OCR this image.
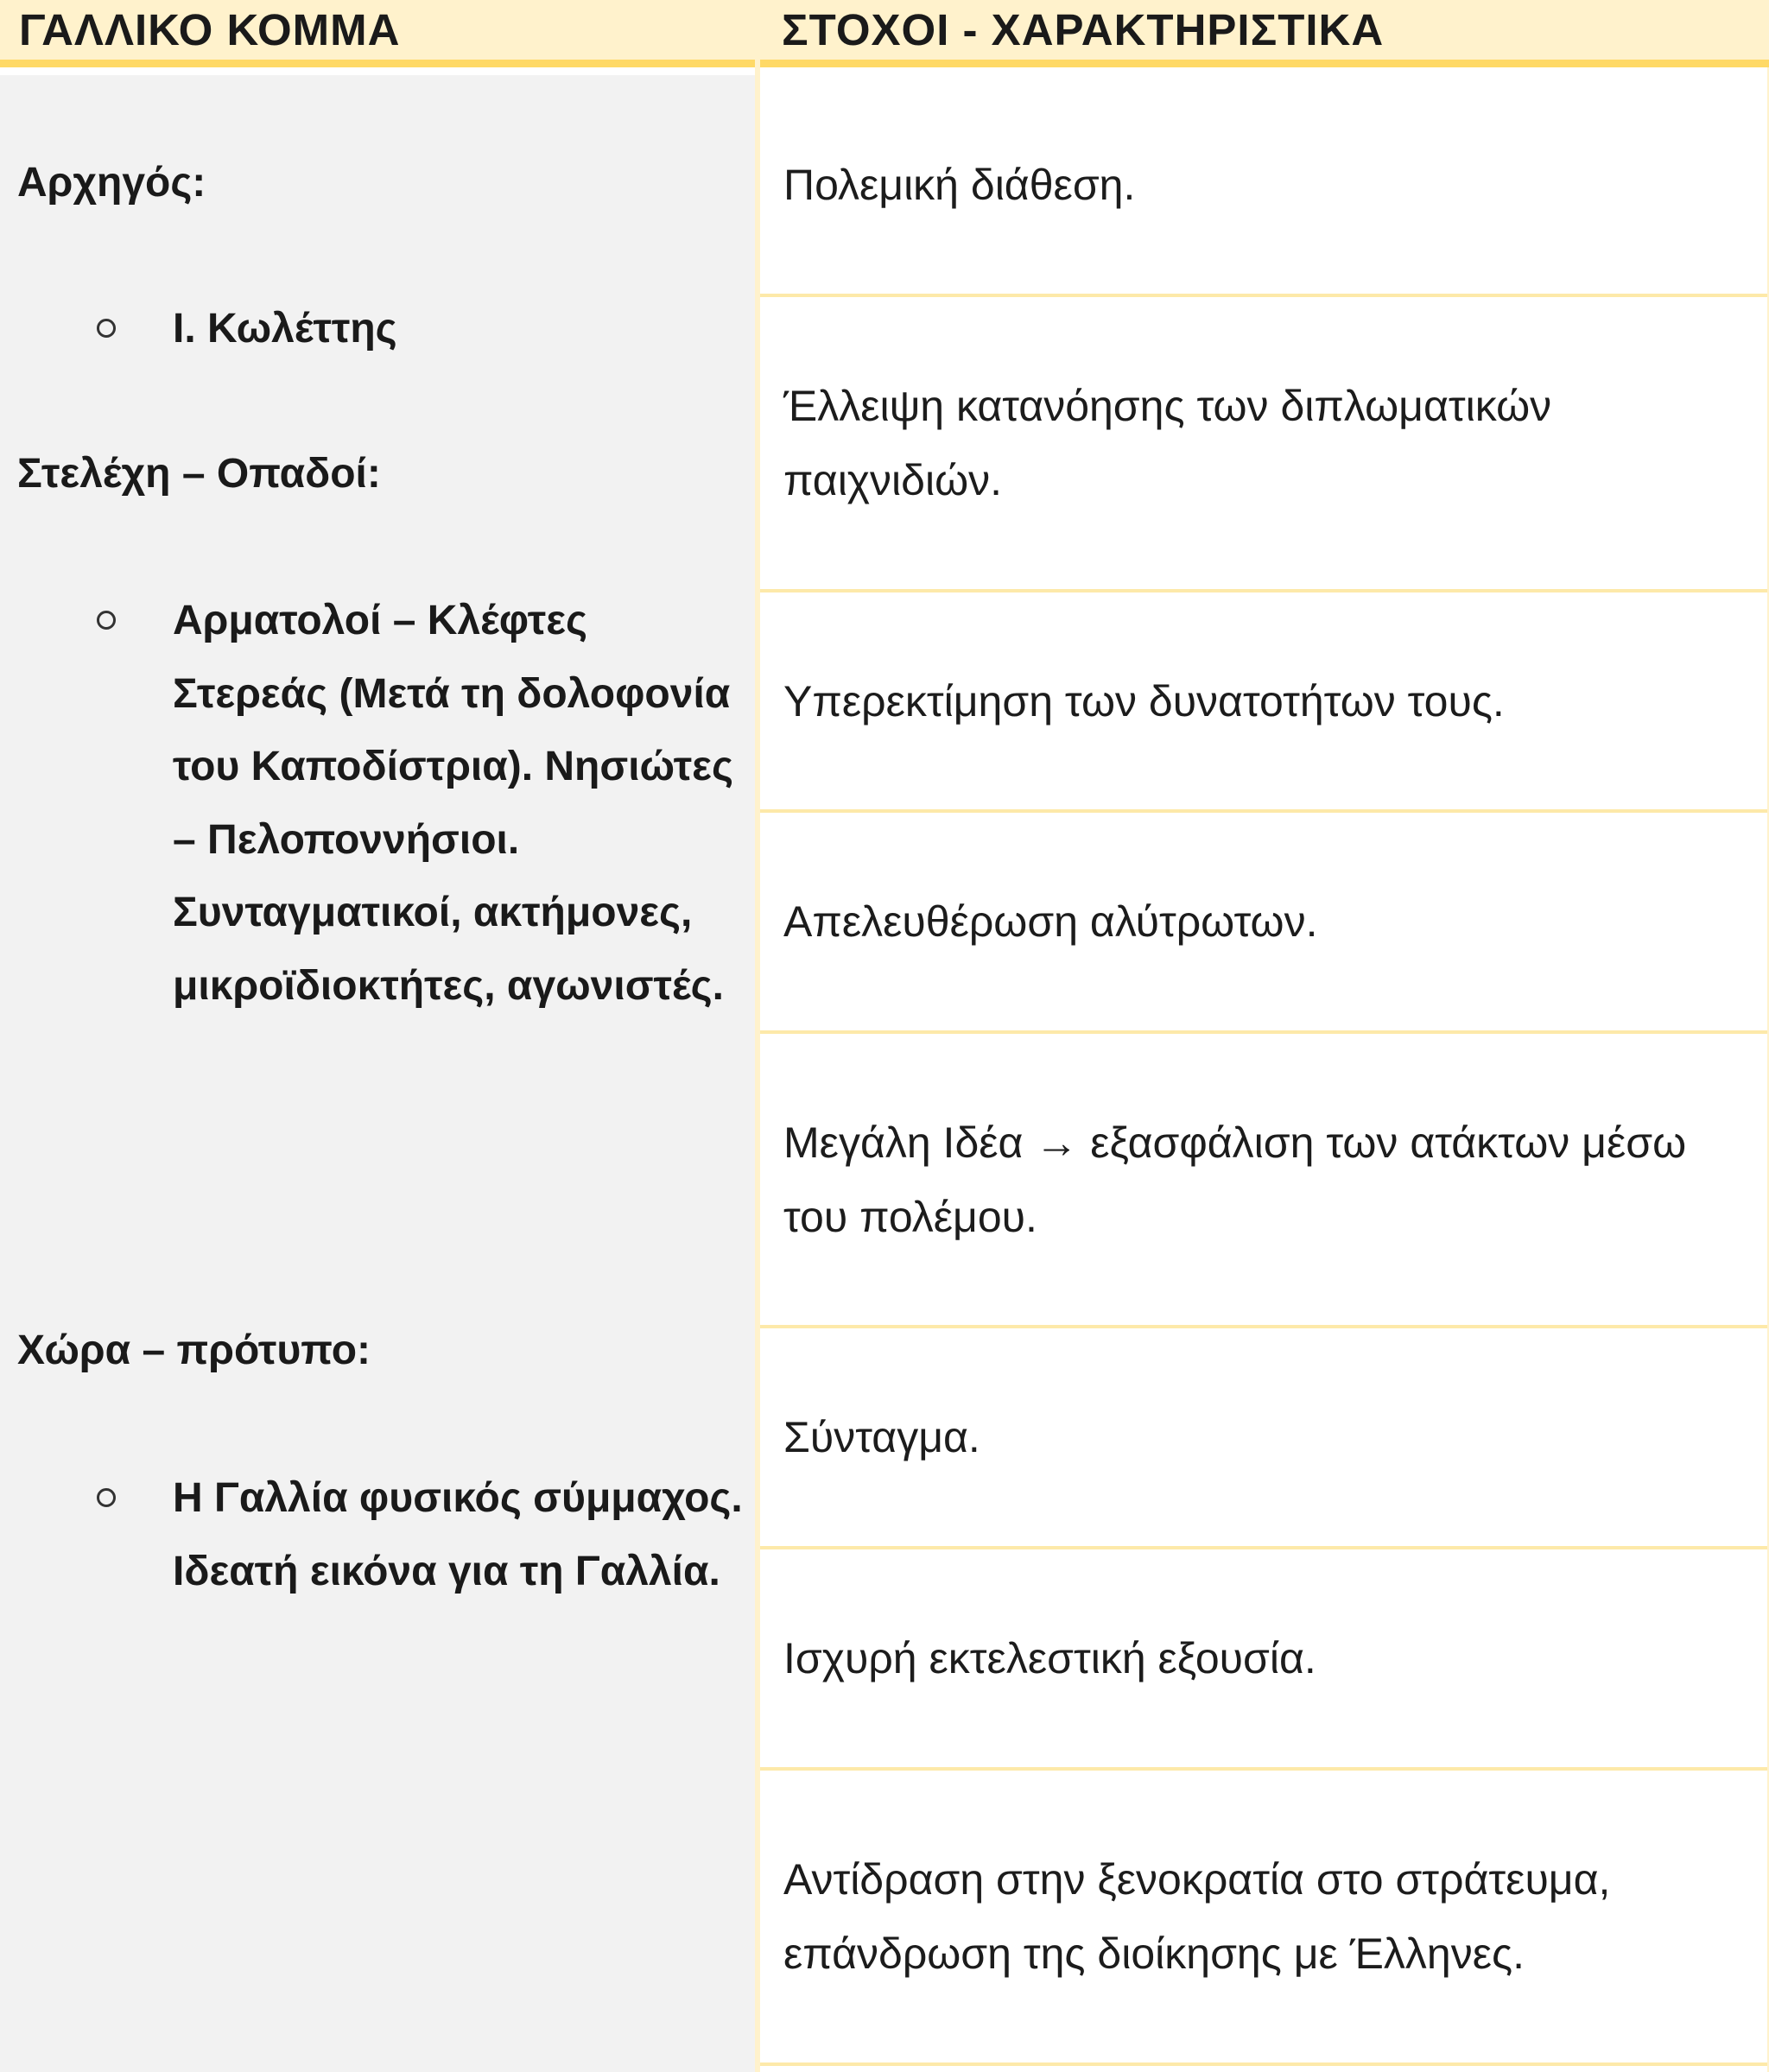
ΓΑΛΛΙΚΟ ΚΟΜΜΑ	ΣΤΟΧΟΙ - ΧΑΡΑΚΤΗΡΙΣΤΙΚΑ
Αρχηγός:
Ι. Κωλέττης
Στελέχη – Οπαδοί:
Αρματολοί – Κλέφτες Στερεάς (Μετά τη δολοφονία του Καποδίστρια). Νησιώτες – Πελοποννήσιοι. Συνταγματικοί, ακτήμονες, μικροϊδιοκτήτες, αγωνιστές.
Χώρα – πρότυπο:
Η Γαλλία φυσικός σύμμαχος. Ιδεατή εικόνα για τη Γαλλία.
Πολεμική διάθεση.
Έλλειψη κατανόησης των διπλωματικών παιχνιδιών.
Υπερεκτίμηση των δυνατοτήτων τους.
Απελευθέρωση αλύτρωτων.
Μεγάλη Ιδέα → εξασφάλιση των ατάκτων μέσω του πολέμου.
Σύνταγμα.
Ισχυρή εκτελεστική εξουσία.
Αντίδραση στην ξενοκρατία στο στράτευμα, επάνδρωση της διοίκησης με Έλληνες.
